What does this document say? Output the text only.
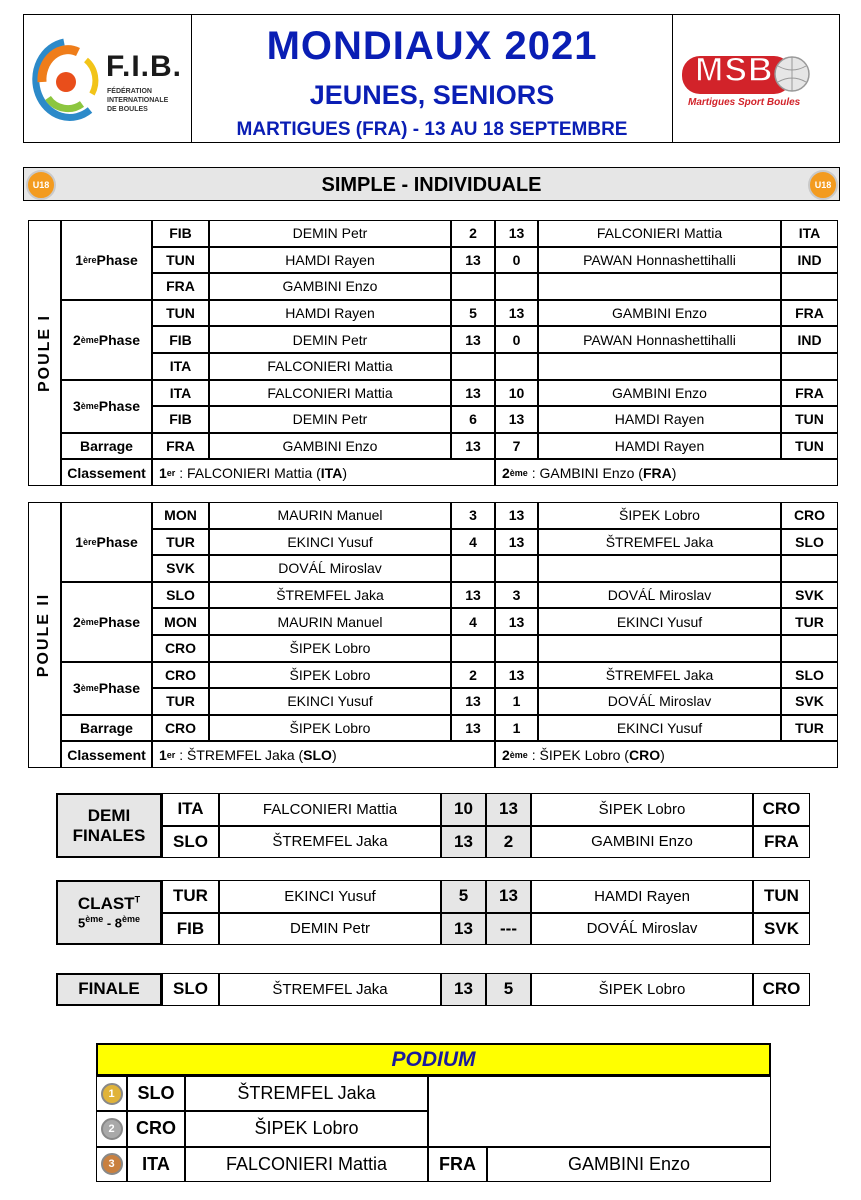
F.I.B.
FÉDÉRATION
INTERNATIONALE
DE BOULES
MONDIAUX 2021
JEUNES, SENIORS
MARTIGUES (FRA) - 13 AU 18 SEPTEMBRE
MSB
Martigues Sport Boules
SIMPLE - INDIVIDUALE
U18	U18
POULE I
1 ère Phase
FIB	DEMIN Petr	2	13	FALCONIERI Mattia	ITA
TUN	HAMDI Rayen	13	0	PAWAN Honnashettihalli	IND
FRA	GAMBINI Enzo
2 ème Phase
TUN	HAMDI Rayen	5	13	GAMBINI Enzo	FRA
FIB	DEMIN Petr	13	0	PAWAN Honnashettihalli	IND
ITA	FALCONIERI Mattia
3 ème Phase
ITA	FALCONIERI Mattia	13	10	GAMBINI Enzo	FRA
FIB	DEMIN Petr	6	13	HAMDI Rayen	TUN
Barrage	FRA	GAMBINI Enzo	13	7	HAMDI Rayen	TUN
Classement 1 er : FALCONIERI Mattia ( ITA )	2 ème : GAMBINI Enzo ( FRA )
POULE II
1 ère Phase
MON	MAURIN Manuel	3	13	ŠIPEK Lobro	CRO
TUR	EKINCI Yusuf	4	13	ŠTREMFEL Jaka	SLO
SVK	DOVÁĹ Miroslav
2 ème Phase
SLO	ŠTREMFEL Jaka	13	3	DOVÁĹ Miroslav	SVK
MON	MAURIN Manuel	4	13	EKINCI Yusuf	TUR
CRO	ŠIPEK Lobro
3 ème Phase
CRO	ŠIPEK Lobro	2	13	ŠTREMFEL Jaka	SLO
TUR	EKINCI Yusuf	13	1	DOVÁĹ Miroslav	SVK
Barrage	CRO	ŠIPEK Lobro	13	1	EKINCI Yusuf	TUR
Classement 1 er : ŠTREMFEL Jaka ( SLO )	2 ème : ŠIPEK Lobro ( CRO )
DEMI
FINALES
ITA	FALCONIERI Mattia	10	13	ŠIPEK Lobro	CRO
SLO	ŠTREMFEL Jaka	13	2	GAMBINI Enzo	FRA
$CLAST^T$
5ème - 8ème
TUR	EKINCI Yusuf	5	13	HAMDI Rayen	TUN
FIB	DEMIN Petr	13	---	DOVÁĹ Miroslav	SVK
FINALE	SLO	ŠTREMFEL Jaka	13	5	ŠIPEK Lobro	CRO
PODIUM
1	SLO	ŠTREMFEL Jaka
2	CRO	ŠIPEK Lobro
3	ITA	FALCONIERI Mattia	FRA	GAMBINI Enzo
